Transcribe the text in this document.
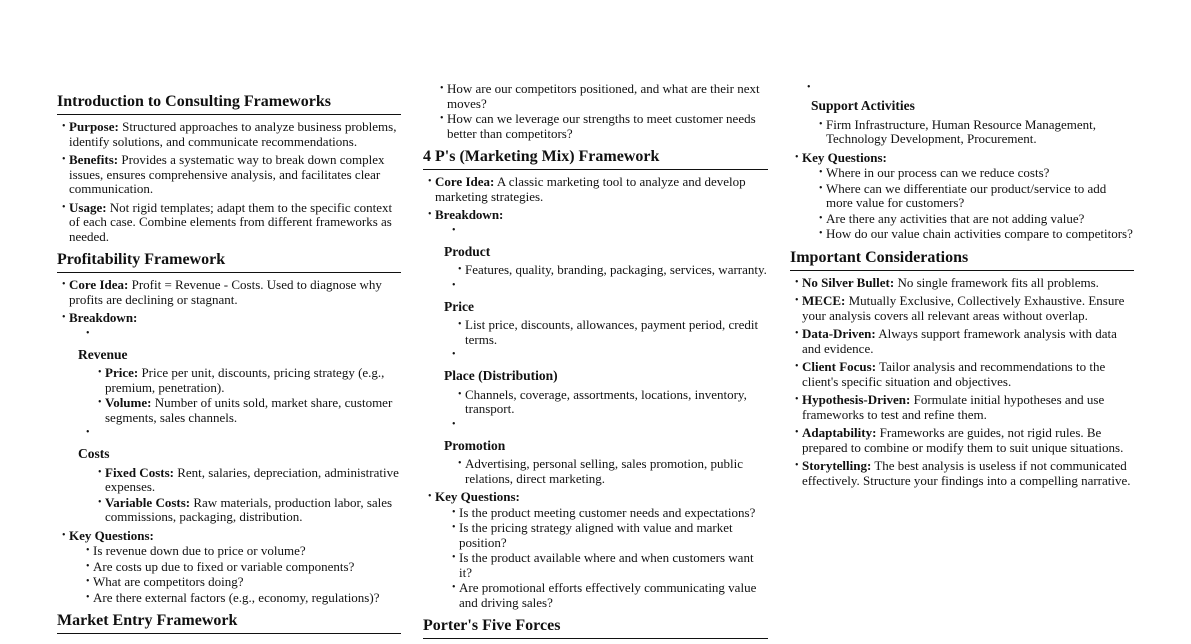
Introduction to Consulting Frameworks
• Purpose: Structured approaches to analyze business problems, identify solutions, and communicate recommendations.
• Benefits: Provides a systematic way to break down complex issues, ensures comprehensive analysis, and facilitates clear communication.
• Usage: Not rigid templates; adapt them to the specific context of each case. Combine elements from different frameworks as needed.
Profitability Framework
• Core Idea: Profit = Revenue - Costs. Used to diagnose why profits are declining or stagnant.
• Breakdown:
•
Revenue
• Price: Price per unit, discounts, pricing strategy (e.g., premium, penetration).
• Volume: Number of units sold, market share, customer segments, sales channels.
•
Costs
• Fixed Costs: Rent, salaries, depreciation, administrative expenses.
• Variable Costs: Raw materials, production labor, sales commissions, packaging, distribution.
• Key Questions:
• Is revenue down due to price or volume?
• Are costs up due to fixed or variable components?
• What are competitors doing?
• Are there external factors (e.g., economy, regulations)?
Market Entry Framework
• How are our competitors positioned, and what are their next moves?
• How can we leverage our strengths to meet customer needs better than competitors?
4 P's (Marketing Mix) Framework
• Core Idea: A classic marketing tool to analyze and develop marketing strategies.
• Breakdown:
•
Product
• Features, quality, branding, packaging, services, warranty.
•
Price
• List price, discounts, allowances, payment period, credit terms.
•
Place (Distribution)
• Channels, coverage, assortments, locations, inventory, transport.
•
Promotion
• Advertising, personal selling, sales promotion, public relations, direct marketing.
• Key Questions:
• Is the product meeting customer needs and expectations?
• Is the pricing strategy aligned with value and market position?
• Is the product available where and when customers want it?
• Are promotional efforts effectively communicating value and driving sales?
Porter's Five Forces
•
Support Activities
• Firm Infrastructure, Human Resource Management, Technology Development, Procurement.
• Key Questions:
• Where in our process can we reduce costs?
• Where can we differentiate our product/service to add more value for customers?
• Are there any activities that are not adding value?
• How do our value chain activities compare to competitors?
Important Considerations
• No Silver Bullet: No single framework fits all problems.
• MECE: Mutually Exclusive, Collectively Exhaustive. Ensure your analysis covers all relevant areas without overlap.
• Data-Driven: Always support framework analysis with data and evidence.
• Client Focus: Tailor analysis and recommendations to the client's specific situation and objectives.
• Hypothesis-Driven: Formulate initial hypotheses and use frameworks to test and refine them.
• Adaptability: Frameworks are guides, not rigid rules. Be prepared to combine or modify them to suit unique situations.
• Storytelling: The best analysis is useless if not communicated effectively. Structure your findings into a compelling narrative.
